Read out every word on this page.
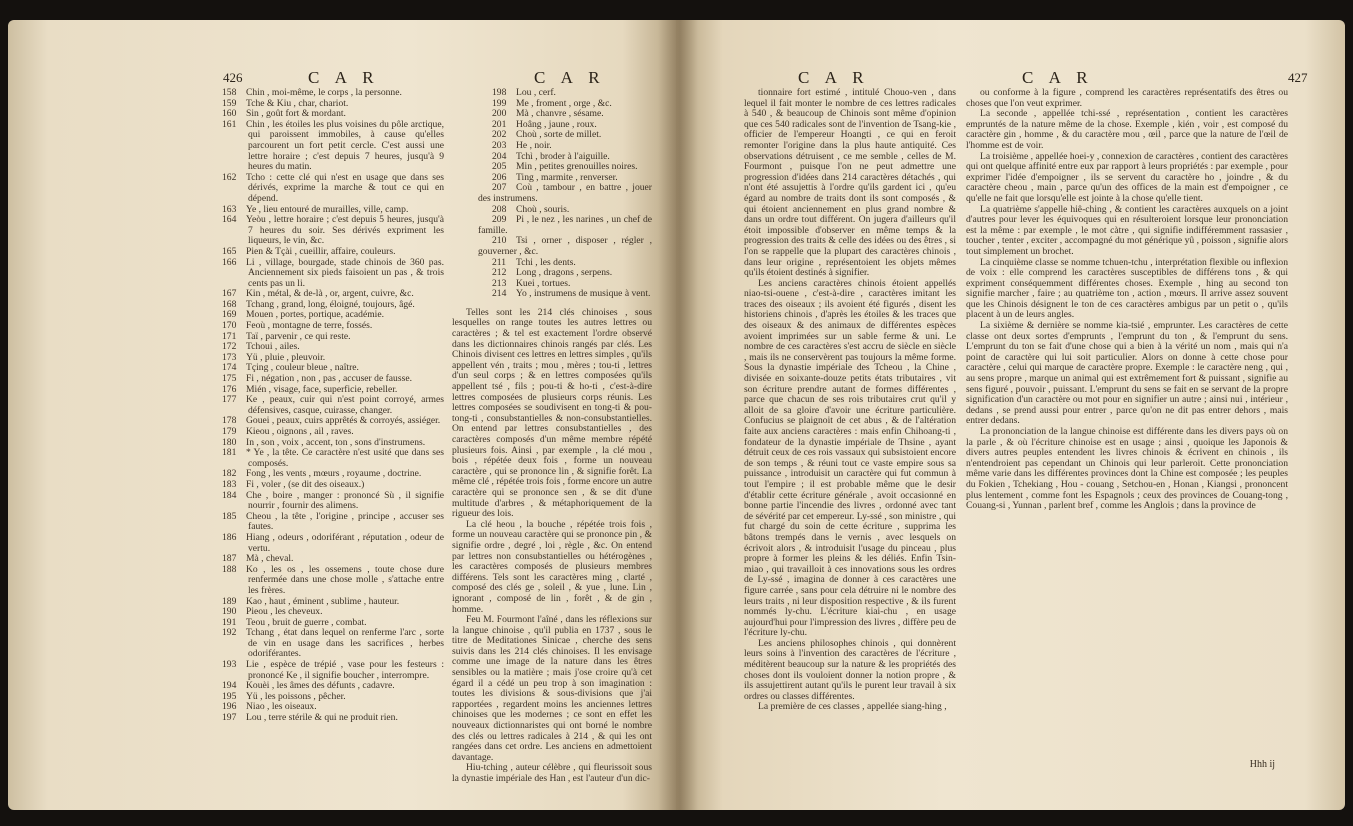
426	C A R	C A R

158 Chin , moi-même, le corps , la personne.

159 Tche & Kiu , char, chariot.

160 Sin , goût fort & mordant.

161 Chin , les étoiles les plus voisines du pôle arctique, qui paroissent immobiles, à cause qu'elles parcourent un fort petit cercle. C'est aussi une lettre horaire ; c'est depuis 7 heures, jusqu'à 9 heures du matin.

162 Tcho : cette clé qui n'est en usage que dans ses dérivés, exprime la marche & tout ce qui en dépend.

163 Ye , lieu entouré de murailles, ville, camp.

164 Yeòu , lettre horaire ; c'est depuis 5 heures, jusqu'à 7 heures du soir. Ses dérivés expriment les liqueurs, le vin, &c.

165 Pien & Tçài , cueillir, affaire, couleurs.

166 Li , village, bourgade, stade chinois de 360 pas. Anciennement six pieds faisoient un pas , & trois cents pas un li.

167 Kin , métal, & de-là , or, argent, cuivre, &c.

168 Tchang , grand, long, éloigné, toujours, âgé.

169 Mouen , portes, portique, académie.

170 Feoù , montagne de terre, fossés.

171 Taï , parvenir , ce qui reste.

172 Tchoui , ailes.

173 Yü , pluie , pleuvoir.

174 Tçing , couleur bleue , naître.

175 Fi , négation , non , pas , accuser de fausse.

176 Mién , visage, face, superficie, rebeller.

177 Ke , peaux, cuir qui n'est point corroyé, armes défensives, casque, cuirasse, changer.

178 Gouei , peaux, cuirs apprêtés & corroyés, assiéger.

179 Kieou , oignons , ail , raves.

180 In , son , voix , accent, ton , sons d'instrumens.

181 * Ye , la tête. Ce caractère n'est usité que dans ses composés.

182 Fong , les vents , mœurs , royaume , doctrine.

183 Fi , voler , (se dit des oiseaux.)

184 Che , boire , manger : prononcé Sù , il signifie nourrir , fournir des alimens.

185 Cheou , la tête , l'origine , principe , accuser ses fautes.

186 Hiang , odeurs , odoriférant , réputation , odeur de vertu.

187 Mà , cheval.

188 Ko , les os , les ossemens , toute chose dure renfermée dans une chose molle , s'attache entre les frères.

189 Kao , haut , éminent , sublime , hauteur.

190 Pieou , les cheveux.

191 Teou , bruit de guerre , combat.

192 Tchang , état dans lequel on renferme l'arc , sorte de vin en usage dans les sacrifices , herbes odoriférantes.

193 Lie , espèce de trépié , vase pour les festeurs : prononcé Ke , il signifie boucher , interrompre.

194 Kouèi , les âmes des défunts , cadavre.

195 Yü , les poissons , pêcher.

196 Niao , les oiseaux.

197 Lou , terre stérile & qui ne produit rien.

198 Lou , cerf.

199 Me , froment , orge , &c.

200 Mà , chanvre , sésame.

201 Hoâng , jaune , roux.

202 Choù , sorte de millet.

203 He , noir.

204 Tchì , broder à l'aiguille.

205 Min , petites grenouilles noires.

206 Ting , marmite , renverser.

207 Coù , tambour , en battre , jouer des instrumens.

208 Choù , souris.

209 Pi , le nez , les narines , un chef de famille.

210 Tsi , orner , disposer , régler , gouverner , &c.

211 Tchi , les dents.

212 Long , dragons , serpens.

213 Kuei , tortues.

214 Yo , instrumens de musique à vent.

Telles sont les 214 clés chinoises , sous lesquelles on range toutes les autres lettres ou caractères ; & tel est exactement l'ordre observé dans les dictionnaires chinois rangés par clés. Les Chinois divisent ces lettres en lettres simples , qu'ils appellent vén , traits ; mou , mères ; tou-ti , lettres d'un seul corps ; & en lettres composées qu'ils appellent tsé , fils ; pou-ti & ho-ti , c'est-à-dire lettres composées de plusieurs corps réunis. Les lettres composées se soudivisent en tong-ti & pou-tong-ti , consubstantielles & non-consubstantielles. On entend par lettres consubstantielles , des caractères composés d'un même membre répété plusieurs fois. Ainsi , par exemple , la clé mou , bois , répétée deux fois , forme un nouveau caractère , qui se prononce lin , & signifie forêt. La même clé , répétée trois fois , forme encore un autre caractère qui se prononce sen , & se dit d'une multitude d'arbres , & métaphoriquement de la rigueur des lois.

La clé heou , la bouche , répétée trois fois , forme un nouveau caractère qui se prononce pin , & signifie ordre , degré , loi , règle , &c. On entend par lettres non consubstantielles ou hétérogènes , les caractères composés de plusieurs membres différens. Tels sont les caractères ming , clarté , composé des clés ge , soleil , & yue , lune. Lin , ignorant , composé de lin , forêt , & de gin , homme.

Feu M. Fourmont l'aîné , dans les réflexions sur la langue chinoise , qu'il publia en 1737 , sous le titre de Meditationes Sinicae , cherche des sens suivis dans les 214 clés chinoises. Il les envisage comme une image de la nature dans les êtres sensibles ou la matière ; mais j'ose croire qu'à cet égard il a cédé un peu trop à son imagination : toutes les divisions & sous-divisions que j'ai rapportées , regardent moins les anciennes lettres chinoises que les modernes ; ce sont en effet les nouveaux dictionnaristes qui ont borné le nombre des clés ou lettres radicales à 214 , & qui les ont rangées dans cet ordre. Les anciens en admettoient davantage.

Hiu-tching , auteur célèbre , qui fleurissoit sous la dynastie impériale des Han , est l'auteur d'un dic-

C A R	C A R	427

tionnaire fort estimé , intitulé Chouo-ven , dans lequel il fait monter le nombre de ces lettres radicales à 540 , & beaucoup de Chinois sont même d'opinion que ces 540 radicales sont de l'invention de Tsang-kie , officier de l'empereur Hoangti , ce qui en feroit remonter l'origine dans la plus haute antiquité. Ces observations détruisent , ce me semble , celles de M. Fourmont , puisque l'on ne peut admettre une progression d'idées dans 214 caractères détachés , qui n'ont été assujettis à l'ordre qu'ils gardent ici , qu'eu égard au nombre de traits dont ils sont composés , & qui étoient anciennement en plus grand nombre & dans un ordre tout différent. On jugera d'ailleurs qu'il étoit impossible d'observer en même temps & la progression des traits & celle des idées ou des êtres , si l'on se rappelle que la plupart des caractères chinois , dans leur origine , représentoient les objets mêmes qu'ils étoient destinés à signifier.

Les anciens caractères chinois étoient appellés niao-tsi-ouene , c'est-à-dire , caractères imitant les traces des oiseaux ; ils avoient été figurés , disent les historiens chinois , d'après les étoiles & les traces que des oiseaux & des animaux de différentes espèces avoient imprimées sur un sable ferme & uni. Le nombre de ces caractères s'est accru de siècle en siècle , mais ils ne conservèrent pas toujours la même forme. Sous la dynastie impériale des Tcheou , la Chine , divisée en soixante-douze petits états tributaires , vit son écriture prendre autant de formes différentes , parce que chacun de ses rois tributaires crut qu'il y alloit de sa gloire d'avoir une écriture particulière. Confucius se plaignoit de cet abus , & de l'altération faite aux anciens caractères : mais enfin Chihoang-ti , fondateur de la dynastie impériale de Thsine , ayant détruit ceux de ces rois vassaux qui subsistoient encore de son temps , & réuni tout ce vaste empire sous sa puissance , introduisit un caractère qui fut commun à tout l'empire ; il est probable même que le desir d'établir cette écriture générale , avoit occasionné en bonne partie l'incendie des livres , ordonné avec tant de sévérité par cet empereur. Ly-ssé , son ministre , qui fut chargé du soin de cette écriture , supprima les bâtons trempés dans le vernis , avec lesquels on écrivoit alors , & introduisit l'usage du pinceau , plus propre à former les pleins & les déliés. Enfin Tsin-miao , qui travailloit à ces innovations sous les ordres de Ly-ssé , imagina de donner à ces caractères une figure carrée , sans pour cela détruire ni le nombre des leurs traits , ni leur disposition respective , & ils furent nommés ly-chu. L'écriture kiai-chu , en usage aujourd'hui pour l'impression des livres , diffère peu de l'écriture ly-chu.

Les anciens philosophes chinois , qui donnèrent leurs soins à l'invention des caractères de l'écriture , méditèrent beaucoup sur la nature & les propriétés des choses dont ils vouloient donner la notion propre , & ils assujettirent autant qu'ils le purent leur travail à six ordres ou classes différentes.

La première de ces classes , appellée siang-hing ,

ou conforme à la figure , comprend les caractères représentatifs des êtres ou choses que l'on veut exprimer.

La seconde , appellée tchi-ssé , représentation , contient les caractères empruntés de la nature même de la chose. Exemple , kién , voir , est composé du caractère gin , homme , & du caractère mou , œil , parce que la nature de l'œil de l'homme est de voir.

La troisième , appellée hoei-y , connexion de caractères , contient des caractères qui ont quelque affinité entre eux par rapport à leurs propriétés : par exemple , pour exprimer l'idée d'empoigner , ils se servent du caractère ho , joindre , & du caractère cheou , main , parce qu'un des offices de la main est d'empoigner , ce qu'elle ne fait que lorsqu'elle est jointe à la chose qu'elle tient.

La quatrième s'appelle hiê-ching , & contient les caractères auxquels on a joint d'autres pour lever les équivoques qui en résulteroient lorsque leur prononciation est la même : par exemple , le mot càtre , qui signifie indifféremment rassasier , toucher , tenter , exciter , accompagné du mot générique yû , poisson , signifie alors tout simplement un brochet.

La cinquième classe se nomme tchuen-tchu , interprétation flexible ou inflexion de voix : elle comprend les caractères susceptibles de différens tons , & qui expriment conséquemment différentes choses. Exemple , hing au second ton signifie marcher , faire ; au quatrième ton , action , mœurs. Il arrive assez souvent que les Chinois désignent le ton de ces caractères ambigus par un petit o , qu'ils placent à un de leurs angles.

La sixième & dernière se nomme kia-tsié , emprunter. Les caractères de cette classe ont deux sortes d'emprunts , l'emprunt du ton , & l'emprunt du sens. L'emprunt du ton se fait d'une chose qui a bien à la vérité un nom , mais qui n'a point de caractère qui lui soit particulier. Alors on donne à cette chose pour caractère , celui qui marque de caractère propre. Exemple : le caractère neng , qui , au sens propre , marque un animal qui est extrêmement fort & puissant , signifie au sens figuré , pouvoir , puissant. L'emprunt du sens se fait en se servant de la propre signification d'un caractère ou mot pour en signifier un autre ; ainsi nui , intérieur , dedans , se prend aussi pour entrer , parce qu'on ne dit pas entrer dehors , mais entrer dedans.

La prononciation de la langue chinoise est différente dans les divers pays où on la parle , & où l'écriture chinoise est en usage ; ainsi , quoique les Japonois & divers autres peuples entendent les livres chinois & écrivent en chinois , ils n'entendroient pas cependant un Chinois qui leur parleroit. Cette prononciation même varie dans les différentes provinces dont la Chine est composée ; les peuples du Fokien , Tchekiang , Hou - couang , Setchou-en , Honan , Kiangsi , prononcent plus lentement , comme font les Espagnols ; ceux des provinces de Couang-tong , Couang-si , Yunnan , parlent bref , comme les Anglois ; dans la province de

Hhh ij
